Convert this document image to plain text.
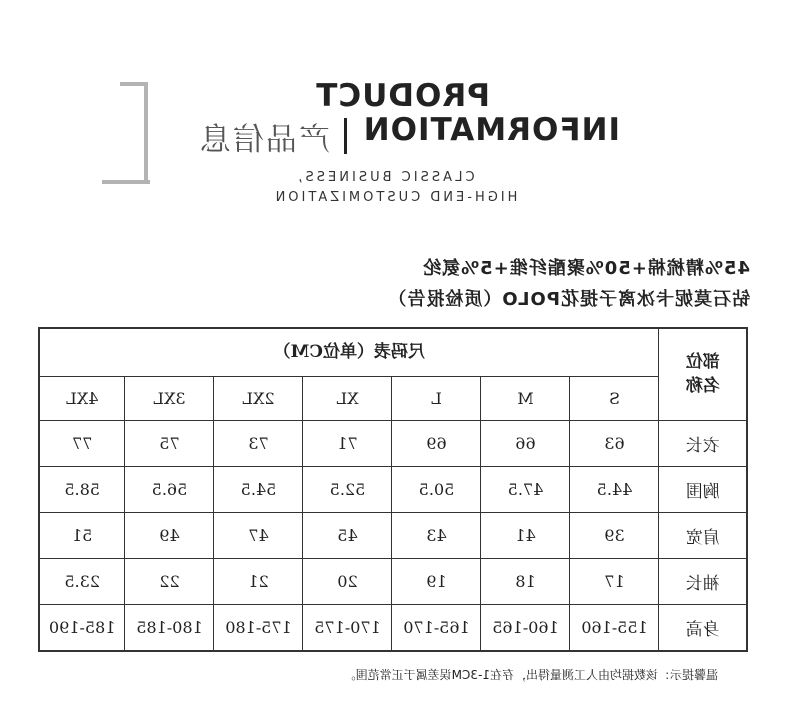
PRODUCT
INFORMATION
产品信息
CLASSIC BUSINESS,
HIGH-END CUSTOMIZATION
45%精梳棉+50%聚酯纤维+5%氨纶
钻石莫妮卡冰离子提花POLO（质检报告）
部位
名称	尺码表（单位CM）						
	S	M	L	XL	2XL	3XL	4XL
衣长	63	66	69	71	73	75	77
胸围	44.5	47.5	50.5	52.5	54.5	56.5	58.5
肩宽	39	41	43	45	47	49	51
袖长	17	18	19	20	21	22	23.5
身高	155-160	160-165	165-170	170-175	175-180	180-185	185-190
温馨提示：该数据均由人工测量得出，存在1-3CM误差属于正常范围。
